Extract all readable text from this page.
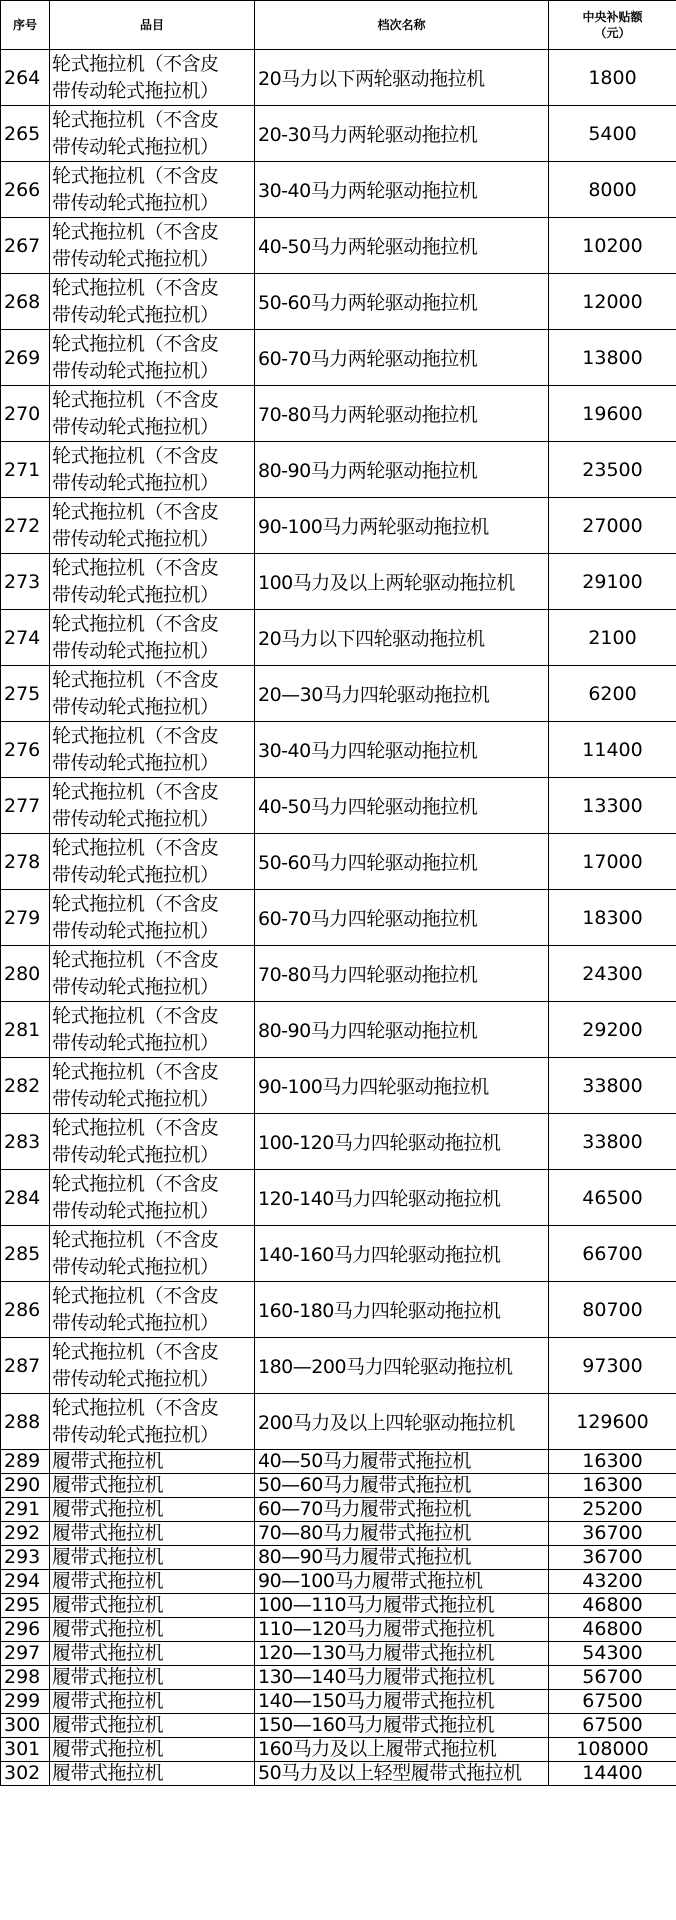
序号	品目	档次名称	中央补贴额
（元）

264	轮式拖拉机（不含皮
带传动轮式拖拉机）	20马力以下两轮驱动拖拉机	1800
265	轮式拖拉机（不含皮
带传动轮式拖拉机）	20-30马力两轮驱动拖拉机	5400
266	轮式拖拉机（不含皮
带传动轮式拖拉机）	30-40马力两轮驱动拖拉机	8000
267	轮式拖拉机（不含皮
带传动轮式拖拉机）	40-50马力两轮驱动拖拉机	10200
268	轮式拖拉机（不含皮
带传动轮式拖拉机）	50-60马力两轮驱动拖拉机	12000
269	轮式拖拉机（不含皮
带传动轮式拖拉机）	60-70马力两轮驱动拖拉机	13800
270	轮式拖拉机（不含皮
带传动轮式拖拉机）	70-80马力两轮驱动拖拉机	19600
271	轮式拖拉机（不含皮
带传动轮式拖拉机）	80-90马力两轮驱动拖拉机	23500
272	轮式拖拉机（不含皮
带传动轮式拖拉机）	90-100马力两轮驱动拖拉机	27000
273	轮式拖拉机（不含皮
带传动轮式拖拉机）	100马力及以上两轮驱动拖拉机	29100
274	轮式拖拉机（不含皮
带传动轮式拖拉机）	20马力以下四轮驱动拖拉机	2100
275	轮式拖拉机（不含皮
带传动轮式拖拉机）	20—30马力四轮驱动拖拉机	6200
276	轮式拖拉机（不含皮
带传动轮式拖拉机）	30-40马力四轮驱动拖拉机	11400
277	轮式拖拉机（不含皮
带传动轮式拖拉机）	40-50马力四轮驱动拖拉机	13300
278	轮式拖拉机（不含皮
带传动轮式拖拉机）	50-60马力四轮驱动拖拉机	17000
279	轮式拖拉机（不含皮
带传动轮式拖拉机）	60-70马力四轮驱动拖拉机	18300
280	轮式拖拉机（不含皮
带传动轮式拖拉机）	70-80马力四轮驱动拖拉机	24300
281	轮式拖拉机（不含皮
带传动轮式拖拉机）	80-90马力四轮驱动拖拉机	29200
282	轮式拖拉机（不含皮
带传动轮式拖拉机）	90-100马力四轮驱动拖拉机	33800
283	轮式拖拉机（不含皮
带传动轮式拖拉机）	100-120马力四轮驱动拖拉机	33800
284	轮式拖拉机（不含皮
带传动轮式拖拉机）	120-140马力四轮驱动拖拉机	46500
285	轮式拖拉机（不含皮
带传动轮式拖拉机）	140-160马力四轮驱动拖拉机	66700
286	轮式拖拉机（不含皮
带传动轮式拖拉机）	160-180马力四轮驱动拖拉机	80700
287	轮式拖拉机（不含皮
带传动轮式拖拉机）	180—200马力四轮驱动拖拉机	97300
288	轮式拖拉机（不含皮
带传动轮式拖拉机）	200马力及以上四轮驱动拖拉机	129600
289	履带式拖拉机	40—50马力履带式拖拉机	16300
290	履带式拖拉机	50—60马力履带式拖拉机	16300
291	履带式拖拉机	60—70马力履带式拖拉机	25200
292	履带式拖拉机	70—80马力履带式拖拉机	36700
293	履带式拖拉机	80—90马力履带式拖拉机	36700
294	履带式拖拉机	90—100马力履带式拖拉机	43200
295	履带式拖拉机	100—110马力履带式拖拉机	46800
296	履带式拖拉机	110—120马力履带式拖拉机	46800
297	履带式拖拉机	120—130马力履带式拖拉机	54300
298	履带式拖拉机	130—140马力履带式拖拉机	56700
299	履带式拖拉机	140—150马力履带式拖拉机	67500
300	履带式拖拉机	150—160马力履带式拖拉机	67500
301	履带式拖拉机	160马力及以上履带式拖拉机	108000
302	履带式拖拉机	50马力及以上轻型履带式拖拉机	14400
